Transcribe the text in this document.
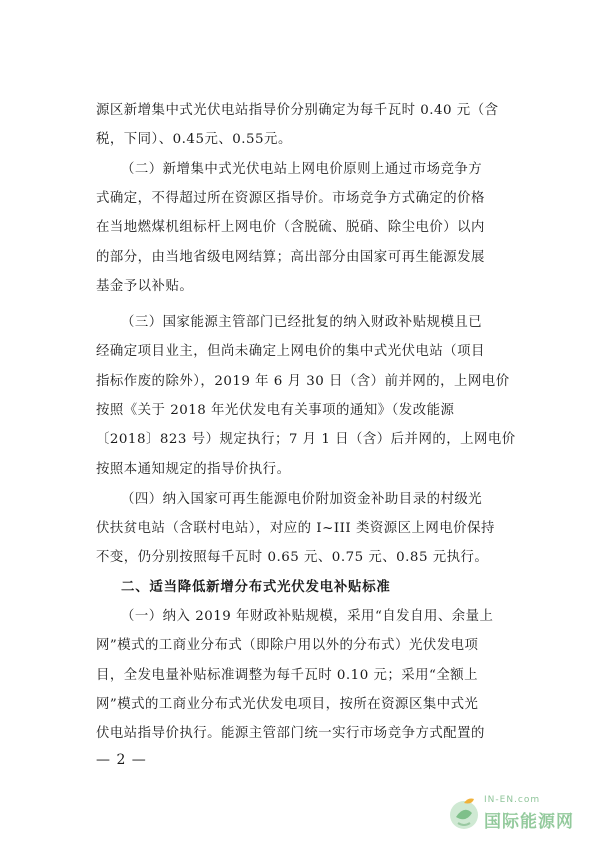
源区新增集中式光伏电站指导价分别确定为每千瓦时 0.40 元（含
税，下同）、0.45元、0.55元。
（二）新增集中式光伏电站上网电价原则上通过市场竞争方
式确定，不得超过所在资源区指导价。市场竞争方式确定的价格
在当地燃煤机组标杆上网电价（含脱硫、脱硝、除尘电价）以内
的部分，由当地省级电网结算；高出部分由国家可再生能源发展
基金予以补贴。
（三）国家能源主管部门已经批复的纳入财政补贴规模且已
经确定项目业主，但尚未确定上网电价的集中式光伏电站（项目
指标作废的除外），2019 年 6 月 30 日（含）前并网的，上网电价
按照《关于 2018 年光伏发电有关事项的通知》（发改能源
〔2018〕823 号）规定执行；7 月 1 日（含）后并网的，上网电价
按照本通知规定的指导价执行。
（四）纳入国家可再生能源电价附加资金补助目录的村级光
伏扶贫电站（含联村电站），对应的 I~III 类资源区上网电价保持
不变，仍分别按照每千瓦时 0.65 元、0.75 元、0.85 元执行。
二、适当降低新增分布式光伏发电补贴标准
（一）纳入 2019 年财政补贴规模，采用“自发自用、余量上
网”模式的工商业分布式（即除户用以外的分布式）光伏发电项
目，全发电量补贴标准调整为每千瓦时 0.10 元；采用“全额上
网”模式的工商业分布式光伏发电项目，按所在资源区集中式光
伏电站指导价执行。能源主管部门统一实行市场竞争方式配置的
— 2 —
IN-EN.com
国际能源网
